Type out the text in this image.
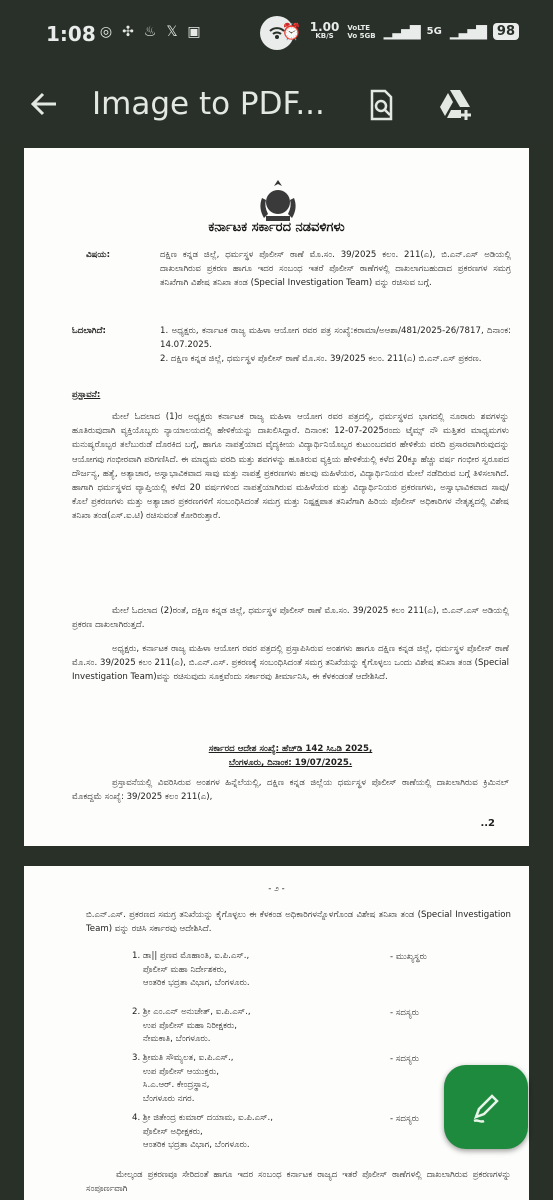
1:08 ◎ ✣ ♨ 𝕏 ▣	⏰ 1.00
KB/S
VoLTE
Vo 5GB ▁▃▅▇ 5G ▁▃▅▇ 98
Image to PDF...
ಕರ್ನಾಟಕ ಸರ್ಕಾರದ ನಡವಳಿಗಳು
ವಿಷಯ:	ದಕ್ಷಿಣ ಕನ್ನಡ ಜಿಲ್ಲೆ, ಧರ್ಮಸ್ಥಳ ಪೊಲೀಸ್ ಠಾಣೆ ಮೊ.ಸಂ. 39/2025 ಕಲಂ. 211(ಎ), ಬಿ.ಎನ್.ಎಸ್ ಅಡಿಯಲ್ಲಿ ದಾಖಲಾಗಿರುವ ಪ್ರಕರಣ ಹಾಗೂ ಇದರ ಸಂಬಂಧ ಇತರೆ ಪೊಲೀಸ್ ಠಾಣೆಗಳಲ್ಲಿ ದಾಖಲಾಗಬಹುದಾದ ಪ್ರಕರಣಗಳ ಸಮಗ್ರ ತನಿಖೆಗಾಗಿ ವಿಶೇಷ ತನಿಖಾ ತಂಡ (Special Investigation Team) ವನ್ನು ರಚಿಸುವ ಬಗ್ಗೆ.

ಓದಲಾಗಿದೆ:	1. ಅಧ್ಯಕ್ಷರು, ಕರ್ನಾಟಕ ರಾಜ್ಯ ಮಹಿಳಾ ಆಯೋಗ ರವರ ಪತ್ರ ಸಂಖ್ಯೆ:ಕರಾಮಾ/ಅಆಶಾ/481/2025-26/7817, ದಿನಾಂಕ: 14.07.2025.

2. ದಕ್ಷಿಣ ಕನ್ನಡ ಜಿಲ್ಲೆ, ಧರ್ಮಸ್ಥಳ ಪೊಲೀಸ್ ಠಾಣೆ ಮೊ.ಸಂ. 39/2025 ಕಲಂ. 211(ಎ) ಬಿ.ಎನ್.ಎಸ್ ಪ್ರಕರಣ.

ಪ್ರಸ್ತಾವನೆ:

ಮೇಲೆ ಓದಲಾದ (1)ರ ಅಧ್ಯಕ್ಷರು ಕರ್ನಾಟಕ ರಾಜ್ಯ ಮಹಿಳಾ ಆಯೋಗ ರವರ ಪತ್ರದಲ್ಲಿ, ಧರ್ಮಸ್ಥಳದ ಭಾಗದಲ್ಲಿ ನೂರಾರು ಶವಗಳನ್ನು ಹೂತಿರುವುದಾಗಿ ವ್ಯಕ್ತಿಯೊಬ್ಬರು ನ್ಯಾಯಾಲಯದಲ್ಲಿ ಹೇಳಿಕೆಯನ್ನು ದಾಖಲಿಸಿದ್ದಾರೆ. ದಿನಾಂಕ: 12-07-2025ರಂದು ಟೈಮ್ಸ್ ನೌ ಮತ್ತಿತರ ಮಾಧ್ಯಮಗಳು ಮನುಷ್ಯರೊಬ್ಬರ ತಲೆಬುರುಡೆ ದೊರಕಿದ ಬಗ್ಗೆ, ಹಾಗೂ ನಾಪತ್ತೆಯಾದ ವೈದ್ಯಕೀಯ ವಿದ್ಯಾರ್ಥಿನಿಯೊಬ್ಬರ ಕುಟುಂಬದವರ ಹೇಳಿಕೆಯ ವರದಿ ಪ್ರಸಾರವಾಗಿರುವುದನ್ನು ಆಯೋಗವು ಗಂಭೀರವಾಗಿ ಪರಿಗಣಿಸಿದೆ. ಈ ಮಾಧ್ಯಮ ವರದಿ ಮತ್ತು ಶವಗಳನ್ನು ಹೂತಿರುವ ವ್ಯಕ್ತಿಯ ಹೇಳಿಕೆಯಲ್ಲಿ ಕಳೆದ 20ಕ್ಕೂ ಹೆಚ್ಚು ವರ್ಷ ಗಂಭೀರ ಸ್ವರೂಪದ ದೌರ್ಜನ್ಯ, ಹತ್ಯೆ, ಅತ್ಯಾಚಾರ, ಅಸ್ವಾಭಾವಿಕವಾದ ಸಾವು ಮತ್ತು ನಾಪತ್ತೆ ಪ್ರಕರಣಗಳು ಹಲವು ಮಹಿಳೆಯರ, ವಿದ್ಯಾರ್ಥಿನಿಯರ ಮೇಲೆ ನಡೆದಿರುವ ಬಗ್ಗೆ ತಿಳಿಸಲಾಗಿದೆ. ಹಾಗಾಗಿ ಧರ್ಮಸ್ಥಳದ ವ್ಯಾಪ್ತಿಯಲ್ಲಿ ಕಳೆದ 20 ವರ್ಷಗಳಿಂದ ನಾಪತ್ತೆಯಾಗಿರುವ ಮಹಿಳೆಯರ ಮತ್ತು ವಿದ್ಯಾರ್ಥಿನಿಯರ ಪ್ರಕರಣಗಳು, ಅಸ್ವಾಭಾವಿಕವಾದ ಸಾವು/ ಕೊಲೆ ಪ್ರಕರಣಗಳು ಮತ್ತು ಅತ್ಯಾಚಾರ ಪ್ರಕರಣಗಳಿಗೆ ಸಂಬಂಧಿಸಿದಂತೆ ಸಮಗ್ರ ಮತ್ತು ನಿಷ್ಪಕ್ಷಪಾತ ತನಿಖೆಗಾಗಿ ಹಿರಿಯ ಪೊಲೀಸ್ ಅಧಿಕಾರಿಗಳ ನೇತೃತ್ವದಲ್ಲಿ ವಿಶೇಷ ತನಿಖಾ ತಂಡ(ಎಸ್.ಐ.ಟಿ) ರಚಿಸುವಂತೆ ಕೋರಿರುತ್ತಾರೆ.

ಮೇಲೆ ಓದಲಾದ (2)ರಂತೆ, ದಕ್ಷಿಣ ಕನ್ನಡ ಜಿಲ್ಲೆ, ಧರ್ಮಸ್ಥಳ ಪೊಲೀಸ್ ಠಾಣೆ ಮೊ.ಸಂ. 39/2025 ಕಲಂ 211(ಎ), ಬಿ.ಎನ್.ಎಸ್ ಅಡಿಯಲ್ಲಿ ಪ್ರಕರಣ ದಾಖಲಾಗಿರುತ್ತದೆ.

ಅಧ್ಯಕ್ಷರು, ಕರ್ನಾಟಕ ರಾಜ್ಯ ಮಹಿಳಾ ಆಯೋಗ ರವರ ಪತ್ರದಲ್ಲಿ ಪ್ರಸ್ತಾಪಿಸಿರುವ ಅಂಶಗಳು ಹಾಗೂ ದಕ್ಷಿಣ ಕನ್ನಡ ಜಿಲ್ಲೆ, ಧರ್ಮಸ್ಥಳ ಪೊಲೀಸ್ ಠಾಣೆ ಮೊ.ಸಂ. 39/2025 ಕಲಂ 211(ಎ), ಬಿ.ಎನ್.ಎಸ್. ಪ್ರಕರಣಕ್ಕೆ ಸಂಬಂಧಿಸಿದಂತೆ ಸಮಗ್ರ ತನಿಖೆಯನ್ನು ಕೈಗೊಳ್ಳಲು ಒಂದು ವಿಶೇಷ ತನಿಖಾ ತಂಡ (Special Investigation Team)ವನ್ನು ರಚಿಸುವುದು ಸೂಕ್ತವೆಂದು ಸರ್ಕಾರವು ತೀರ್ಮಾನಿಸಿ, ಈ ಕೆಳಕಂಡಂತೆ ಆದೇಶಿಸಿದೆ.

ಸರ್ಕಾರದ ಆದೇಶ ಸಂಖ್ಯೆ: ಹೆಚ್‌ಡಿ 142 ಸಿಒಡಿ 2025,

ಬೆಂಗಳೂರು, ದಿನಾಂಕ: 19/07/2025.

ಪ್ರಸ್ತಾವನೆಯಲ್ಲಿ ವಿವರಿಸಿರುವ ಅಂಶಗಳ ಹಿನ್ನೆಲೆಯಲ್ಲಿ, ದಕ್ಷಿಣ ಕನ್ನಡ ಜಿಲ್ಲೆಯ ಧರ್ಮಸ್ಥಳ ಪೊಲೀಸ್ ಠಾಣೆಯಲ್ಲಿ ದಾಖಲಾಗಿರುವ ಕ್ರಿಮಿನಲ್ ಮೊಕದ್ದಮೆ ಸಂಖ್ಯೆ: 39/2025 ಕಲಂ 211(ಎ),

..2
- ೨ -

ಬಿ.ಎನ್.ಎಸ್. ಪ್ರಕರಣದ ಸಮಗ್ರ ತನಿಖೆಯನ್ನು ಕೈಗೊಳ್ಳಲು ಈ ಕೆಳಕಂಡ ಅಧಿಕಾರಿಗಳನ್ನೊಳಗೊಂಡ ವಿಶೇಷ ತನಿಖಾ ತಂಡ (Special Investigation Team) ವನ್ನು ರಚಿಸಿ ಸರ್ಕಾರವು ಆದೇಶಿಸಿದೆ.

1. ಡಾ|| ಪ್ರಣವ ಮೊಹಾಂತಿ, ಐ.ಪಿ.ಎಸ್.,
ಪೊಲೀಸ್ ಮಹಾ ನಿರ್ದೇಶಕರು,
ಆಂತರಿಕ ಭದ್ರತಾ ವಿಭಾಗ, ಬೆಂಗಳೂರು.
- ಮುಖ್ಯಸ್ಥರು
2. ಶ್ರೀ ಎಂ.ಎನ್ ಅನುಚೇತ್, ಐ.ಪಿ.ಎಸ್.,
ಉಪ ಪೊಲೀಸ್ ಮಹಾ ನಿರೀಕ್ಷಕರು,
ನೇಮಕಾತಿ, ಬೆಂಗಳೂರು.
- ಸದಸ್ಯರು
3. ಶ್ರೀಮತಿ ಸೌಮ್ಯಲತ, ಐ.ಪಿ.ಎಸ್.,
ಉಪ ಪೊಲೀಸ್ ಆಯುಕ್ತರು,
ಸಿ.ಎ.ಆರ್. ಕೇಂದ್ರಸ್ಥಾನ,
ಬೆಂಗಳೂರು ನಗರ.
- ಸದಸ್ಯರು
4. ಶ್ರೀ ಜಿತೇಂದ್ರ ಕುಮಾರ್ ದಯಾಮ, ಐ.ಪಿ.ಎಸ್.,
ಪೊಲೀಸ್ ಅಧೀಕ್ಷಕರು,
ಆಂತರಿಕ ಭದ್ರತಾ ವಿಭಾಗ, ಬೆಂಗಳೂರು.
- ಸದಸ್ಯರು

ಮೇಲ್ಕಂಡ ಪ್ರಕರಣವೂ ಸೇರಿದಂತೆ ಹಾಗೂ ಇದರ ಸಂಬಂಧ ಕರ್ನಾಟಕ ರಾಜ್ಯದ ಇತರೆ ಪೊಲೀಸ್ ಠಾಣೆಗಳಲ್ಲಿ ದಾಖಲಾಗಿರುವ ಪ್ರಕರಣಗಳನ್ನು ಸಂಪೂರ್ಣವಾಗಿ
